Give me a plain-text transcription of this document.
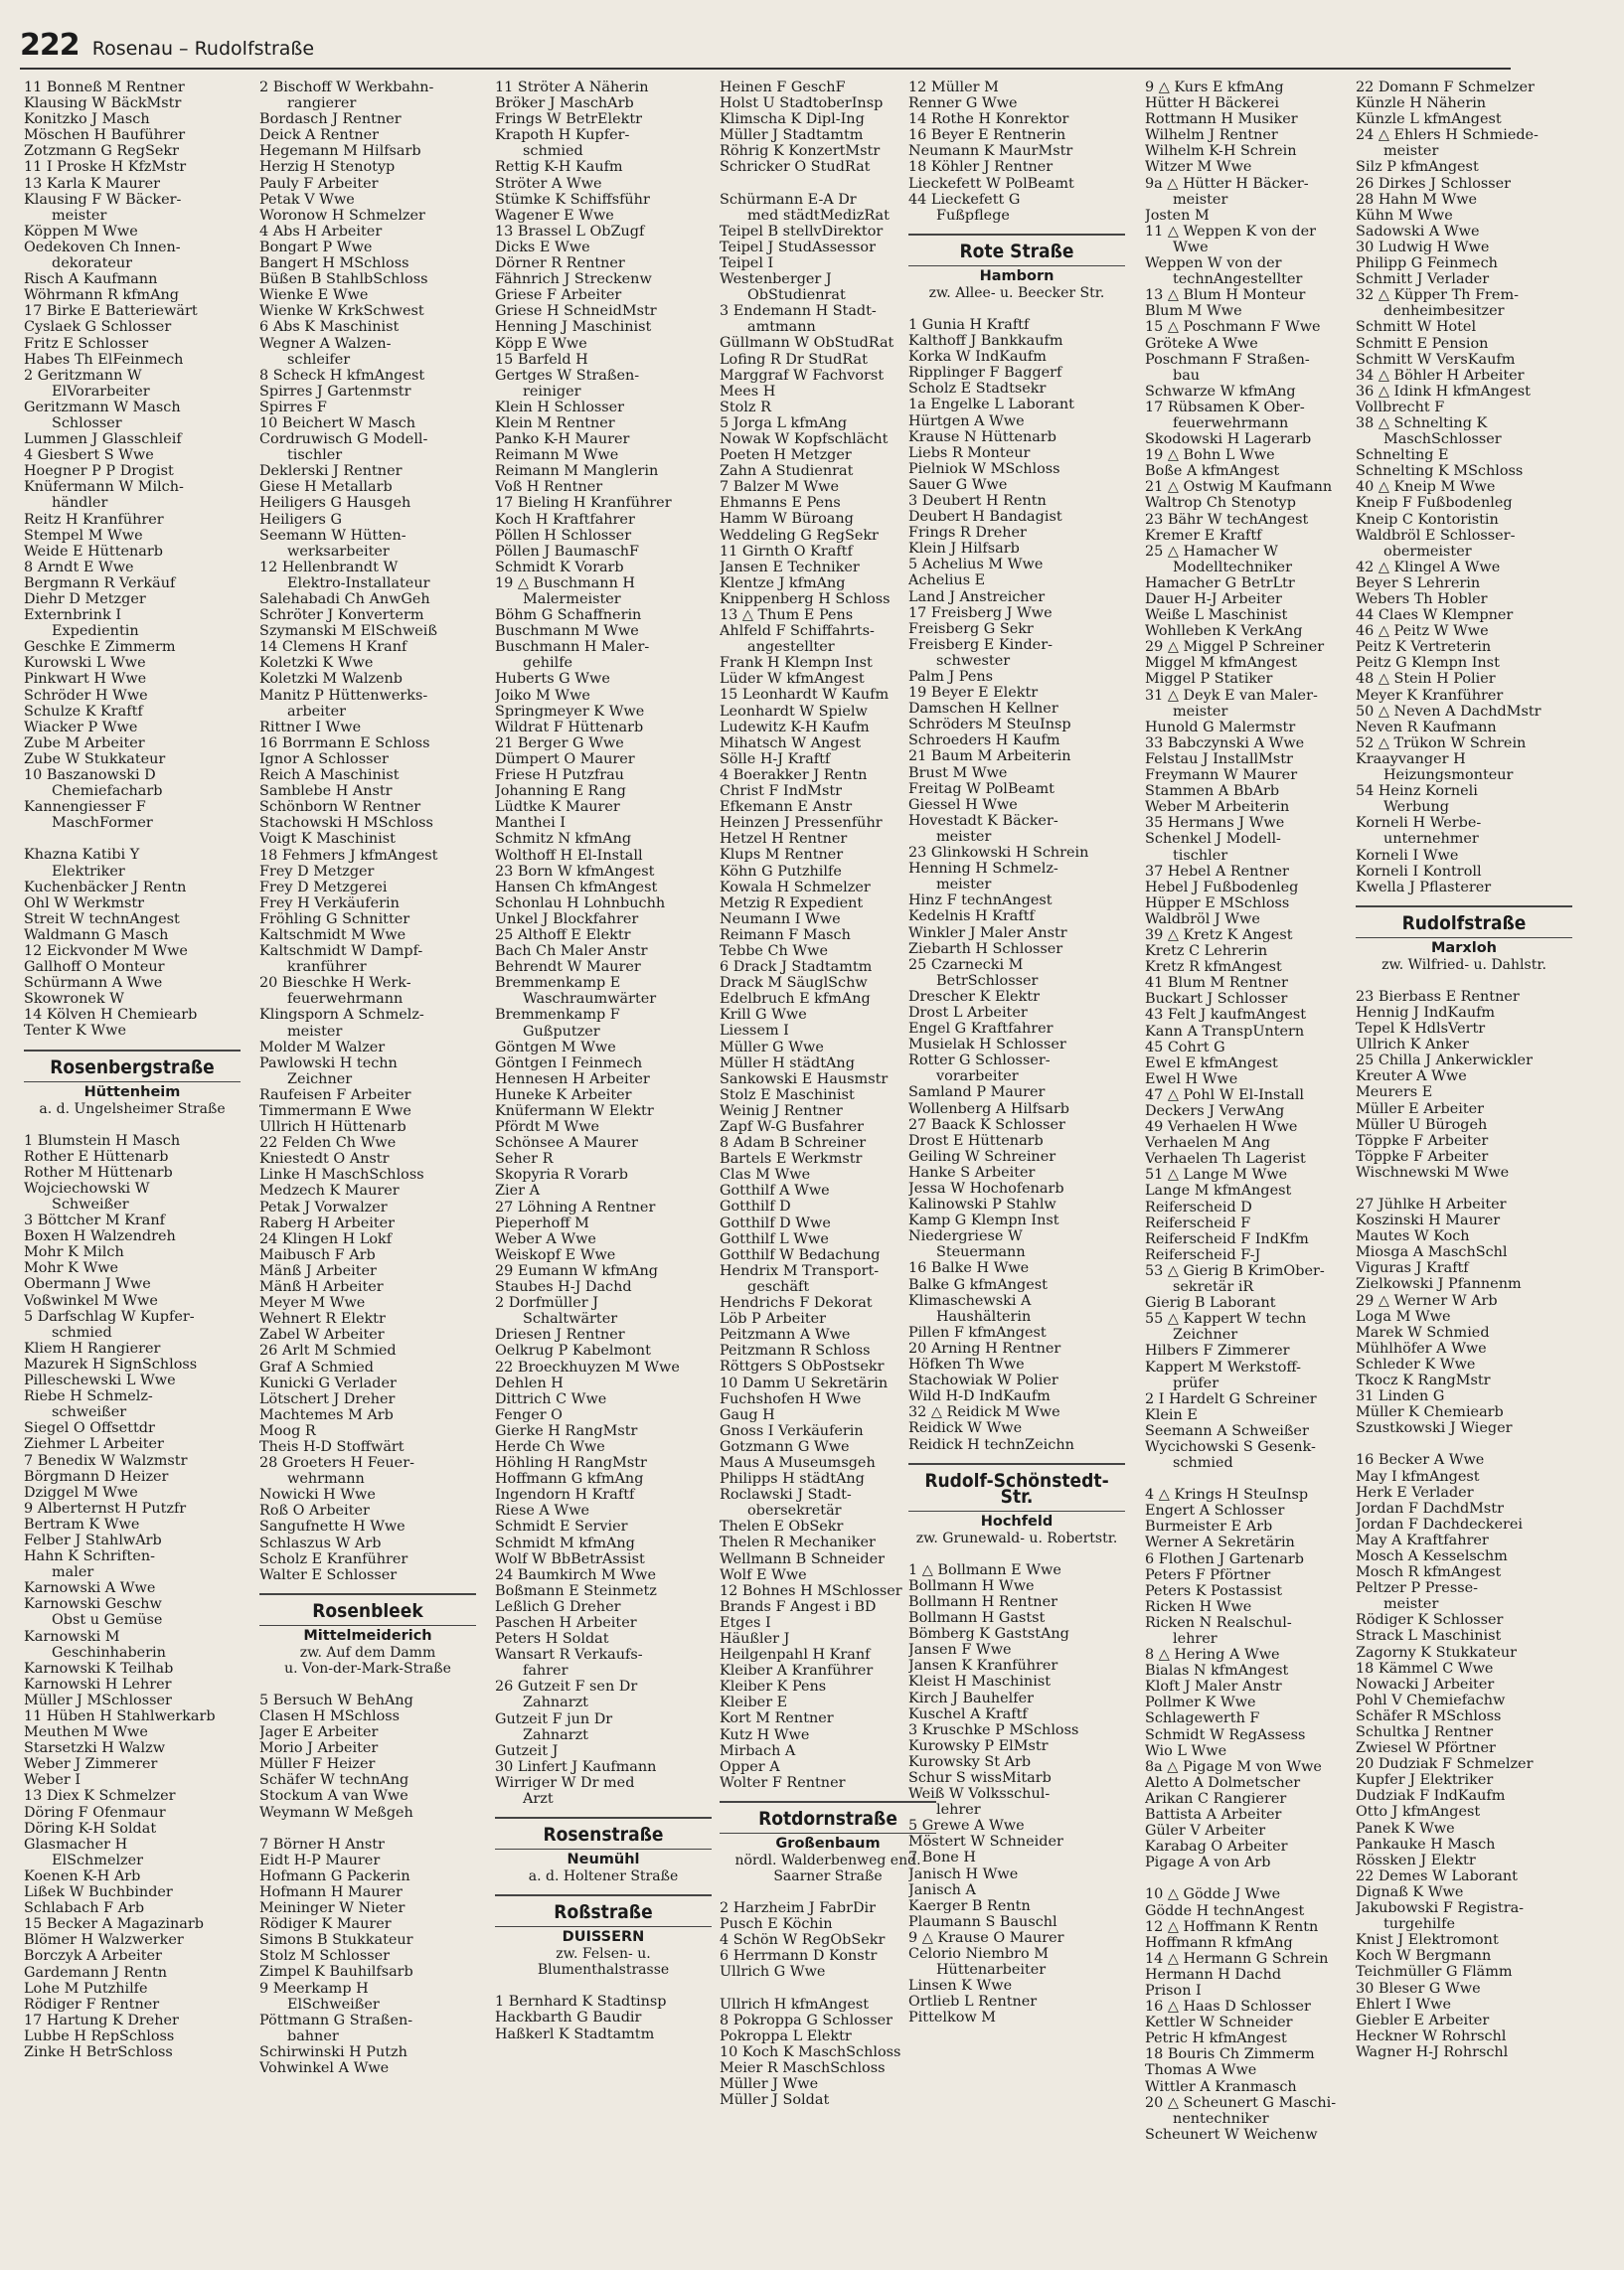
222 Rosenau – Rudolfstraße
11 Bonneß M Rentner
Klausing W BäckMstr
Konitzko J Masch
Möschen H Bauführer
Zotzmann G RegSekr
11 I Proske H KfzMstr
13 Karla K Maurer
Klausing F W Bäcker-
meister
Köppen M Wwe
Oedekoven Ch Innen-
dekorateur
Risch A Kaufmann
Wöhrmann R kfmAng
17 Birke E Batteriewärt
Cyslaek G Schlosser
Fritz E Schlosser
Habes Th ElFeinmech
2 Geritzmann W
ElVorarbeiter
Geritzmann W Masch
Schlosser
Lummen J Glasschleif
4 Giesbert S Wwe
Hoegner P P Drogist
Knüfermann W Milch-
händler
Reitz H Kranführer
Stempel M Wwe
Weide E Hüttenarb
8 Arndt E Wwe
Bergmann R Verkäuf
Diehr D Metzger
Externbrink I
Expedientin
Geschke E Zimmerm
Kurowski L Wwe
Pinkwart H Wwe
Schröder H Wwe
Schulze K Kraftf
Wiacker P Wwe
Zube M Arbeiter
Zube W Stukkateur
10 Baszanowski D
Chemiefacharb
Kannengiesser F
MaschFormer
Khazna Katibi Y
Elektriker
Kuchenbäcker J Rentn
Ohl W Werkmstr
Streit W technAngest
Waldmann G Masch
12 Eickvonder M Wwe
Gallhoff O Monteur
Schürmann A Wwe
Skowronek W
14 Kölven H Chemiearb
Tenter K Wwe
Rosenbergstraße
Hüttenheim
a. d. Ungelsheimer Straße
1 Blumstein H Masch
Rother E Hüttenarb
Rother M Hüttenarb
Wojciechowski W
Schweißer
3 Böttcher M Kranf
Boxen H Walzendreh
Mohr K Milch
Mohr K Wwe
Obermann J Wwe
Voßwinkel M Wwe
5 Darfschlag W Kupfer-
schmied
Kliem H Rangierer
Mazurek H SignSchloss
Pilleschewski L Wwe
Riebe H Schmelz-
schweißer
Siegel O Offsettdr
Ziehmer L Arbeiter
7 Benedix W Walzmstr
Börgmann D Heizer
Dziggel M Wwe
9 Alberternst H Putzfr
Bertram K Wwe
Felber J StahlwArb
Hahn K Schriften-
maler
Karnowski A Wwe
Karnowski Geschw
Obst u Gemüse
Karnowski M
Geschinhaberin
Karnowski K Teilhab
Karnowski H Lehrer
Müller J MSchlosser
11 Hüben H Stahlwerkarb
Meuthen M Wwe
Starsetzki H Walzw
Weber J Zimmerer
Weber I
13 Diex K Schmelzer
Döring F Ofenmaur
Döring K-H Soldat
Glasmacher H
ElSchmelzer
Koenen K-H Arb
Lißek W Buchbinder
Schlabach F Arb
15 Becker A Magazinarb
Blömer H Walzwerker
Borczyk A Arbeiter
Gardemann J Rentn
Lohe M Putzhilfe
Rödiger F Rentner
17 Hartung K Dreher
Lubbe H RepSchloss
Zinke H BetrSchloss
2 Bischoff W Werkbahn-
rangierer
Bordasch J Rentner
Deick A Rentner
Hegemann M Hilfsarb
Herzig H Stenotyp
Pauly F Arbeiter
Petak V Wwe
Woronow H Schmelzer
4 Abs H Arbeiter
Bongart P Wwe
Bangert H MSchloss
Büßen B StahlbSchloss
Wienke E Wwe
Wienke W KrkSchwest
6 Abs K Maschinist
Wegner A Walzen-
schleifer
8 Scheck H kfmAngest
Spirres J Gartenmstr
Spirres F
10 Beichert W Masch
Cordruwisch G Modell-
tischler
Deklerski J Rentner
Giese H Metallarb
Heiligers G Hausgeh
Heiligers G
Seemann W Hütten-
werksarbeiter
12 Hellenbrandt W
Elektro-Installateur
Salehabadi Ch AnwGeh
Schröter J Konverterm
Szymanski M ElSchweiß
14 Clemens H Kranf
Koletzki K Wwe
Koletzki M Walzenb
Manitz P Hüttenwerks-
arbeiter
Rittner I Wwe
16 Borrmann E Schloss
Ignor A Schlosser
Reich A Maschinist
Samblebe H Anstr
Schönborn W Rentner
Stachowski H MSchloss
Voigt K Maschinist
18 Fehmers J kfmAngest
Frey D Metzger
Frey D Metzgerei
Frey H Verkäuferin
Fröhling G Schnitter
Kaltschmidt M Wwe
Kaltschmidt W Dampf-
kranführer
20 Bieschke H Werk-
feuerwehrmann
Klingsporn A Schmelz-
meister
Molder M Walzer
Pawlowski H techn
Zeichner
Raufeisen F Arbeiter
Timmermann E Wwe
Ullrich H Hüttenarb
22 Felden Ch Wwe
Kniestedt O Anstr
Linke H MaschSchloss
Medzech K Maurer
Petak J Vorwalzer
Raberg H Arbeiter
24 Klingen H Lokf
Maibusch F Arb
Mänß J Arbeiter
Mänß H Arbeiter
Meyer M Wwe
Wehnert R Elektr
Zabel W Arbeiter
26 Arlt M Schmied
Graf A Schmied
Kunicki G Verlader
Lötschert J Dreher
Machtemes M Arb
Moog R
Theis H-D Stoffwärt
28 Groeters H Feuer-
wehrmann
Nowicki H Wwe
Roß O Arbeiter
Sangufnette H Wwe
Schlaszus W Arb
Scholz E Kranführer
Walter E Schlosser
Rosenbleek
Mittelmeiderich
zw. Auf dem Damm
u. Von-der-Mark-Straße
5 Bersuch W BehAng
Clasen H MSchloss
Jager E Arbeiter
Morio J Arbeiter
Müller F Heizer
Schäfer W technAng
Stockum A van Wwe
Weymann W Meßgeh
7 Börner H Anstr
Eidt H-P Maurer
Hofmann G Packerin
Hofmann H Maurer
Meininger W Nieter
Rödiger K Maurer
Simons B Stukkateur
Stolz M Schlosser
Zimpel K Bauhilfsarb
9 Meerkamp H
ElSchweißer
Pöttmann G Straßen-
bahner
Schirwinski H Putzh
Vohwinkel A Wwe
11 Ströter A Näherin
Bröker J MaschArb
Frings W BetrElektr
Krapoth H Kupfer-
schmied
Rettig K-H Kaufm
Ströter A Wwe
Stümke K Schiffsführ
Wagener E Wwe
13 Brassel L ObZugf
Dicks E Wwe
Dörner R Rentner
Fähnrich J Streckenw
Griese F Arbeiter
Griese H SchneidMstr
Henning J Maschinist
Köpp E Wwe
15 Barfeld H
Gertges W Straßen-
reiniger
Klein H Schlosser
Klein M Rentner
Panko K-H Maurer
Reimann M Wwe
Reimann M Manglerin
Voß H Rentner
17 Bieling H Kranführer
Koch H Kraftfahrer
Pöllen H Schlosser
Pöllen J BaumaschF
Schmidt K Vorarb
19 △ Buschmann H
Malermeister
Böhm G Schaffnerin
Buschmann M Wwe
Buschmann H Maler-
gehilfe
Huberts G Wwe
Joiko M Wwe
Springmeyer K Wwe
Wildrat F Hüttenarb
21 Berger G Wwe
Dümpert O Maurer
Friese H Putzfrau
Johanning E Rang
Lüdtke K Maurer
Manthei I
Schmitz N kfmAng
Wolthoff H El-Install
23 Born W kfmAngest
Hansen Ch kfmAngest
Schonlau H Lohnbuchh
Unkel J Blockfahrer
25 Althoff E Elektr
Bach Ch Maler Anstr
Behrendt W Maurer
Bremmenkamp E
Waschraumwärter
Bremmenkamp F
Gußputzer
Göntgen M Wwe
Göntgen I Feinmech
Hennesen H Arbeiter
Huneke K Arbeiter
Knüfermann W Elektr
Pfördt M Wwe
Schönsee A Maurer
Seher R
Skopyria R Vorarb
Zier A
27 Löhning A Rentner
Pieperhoff M
Weber A Wwe
Weiskopf E Wwe
29 Eumann W kfmAng
Staubes H-J Dachd
2 Dorfmüller J
Schaltwärter
Driesen J Rentner
Oelkrug P Kabelmont
22 Broeckhuyzen M Wwe
Dehlen H
Dittrich C Wwe
Fenger O
Gierke H RangMstr
Herde Ch Wwe
Höhling H RangMstr
Hoffmann G kfmAng
Ingendorn H Kraftf
Riese A Wwe
Schmidt E Servier
Schmidt M kfmAng
Wolf W BbBetrAssist
24 Baumkirch M Wwe
Boßmann E Steinmetz
Leßlich G Dreher
Paschen H Arbeiter
Peters H Soldat
Wansart R Verkaufs-
fahrer
26 Gutzeit F sen Dr
Zahnarzt
Gutzeit F jun Dr
Zahnarzt
Gutzeit J
30 Linfert J Kaufmann
Wirriger W Dr med
Arzt
Rosenstraße
Neumühl
a. d. Holtener Straße
Roßstraße
DUISSERN
zw. Felsen- u.
Blumenthalstrasse
1 Bernhard K Stadtinsp
Hackbarth G Baudir
Haßkerl K Stadtamtm
Heinen F GeschF
Holst U StadtoberInsp
Klimscha K Dipl-Ing
Müller J Stadtamtm
Röhrig K KonzertMstr
Schricker O StudRat
Schürmann E-A Dr
med städtMedizRat
Teipel B stellvDirektor
Teipel J StudAssessor
Teipel I
Westenberger J
ObStudienrat
3 Endemann H Stadt-
amtmann
Güllmann W ObStudRat
Lofing R Dr StudRat
Marggraf W Fachvorst
Mees H
Stolz R
5 Jorga L kfmAng
Nowak W Kopfschlächt
Poeten H Metzger
Zahn A Studienrat
7 Balzer M Wwe
Ehmanns E Pens
Hamm W Büroang
Weddeling G RegSekr
11 Girnth O Kraftf
Jansen E Techniker
Klentze J kfmAng
Knippenberg H Schloss
13 △ Thum E Pens
Ahlfeld F Schiffahrts-
angestellter
Frank H Klempn Inst
Lüder W kfmAngest
15 Leonhardt W Kaufm
Leonhardt W Spielw
Ludewitz K-H Kaufm
Mihatsch W Angest
Sölle H-J Kraftf
4 Boerakker J Rentn
Christ F IndMstr
Efkemann E Anstr
Heinzen J Pressenführ
Hetzel H Rentner
Klups M Rentner
Köhn G Putzhilfe
Kowala H Schmelzer
Metzig R Expedient
Neumann I Wwe
Reimann F Masch
Tebbe Ch Wwe
6 Drack J Stadtamtm
Drack M SäuglSchw
Edelbruch E kfmAng
Krill G Wwe
Liessem I
Müller G Wwe
Müller H städtAng
Sankowski E Hausmstr
Stolz E Maschinist
Weinig J Rentner
Zapf W-G Busfahrer
8 Adam B Schreiner
Bartels E Werkmstr
Clas M Wwe
Gotthilf A Wwe
Gotthilf D
Gotthilf D Wwe
Gotthilf L Wwe
Gotthilf W Bedachung
Hendrix M Transport-
geschäft
Hendrichs F Dekorat
Löb P Arbeiter
Peitzmann A Wwe
Peitzmann R Schloss
Röttgers S ObPostsekr
10 Damm U Sekretärin
Fuchshofen H Wwe
Gaug H
Gnoss I Verkäuferin
Gotzmann G Wwe
Maus A Museumsgeh
Philipps H städtAng
Roclawski J Stadt-
obersekretär
Thelen E ObSekr
Thelen R Mechaniker
Wellmann B Schneider
Wolf E Wwe
12 Bohnes H MSchlosser
Brands F Angest i BD
Etges I
Häußler J
Heilgenpahl H Kranf
Kleiber A Kranführer
Kleiber K Pens
Kleiber E
Kort M Rentner
Kutz H Wwe
Mirbach A
Opper A
Wolter F Rentner
Rotdornstraße
Großenbaum
nördl. Walderbenweg end.
Saarner Straße
2 Harzheim J FabrDir
Pusch E Köchin
4 Schön W RegObSekr
6 Herrmann D Konstr
Ullrich G Wwe
Ullrich H kfmAngest
8 Pokroppa G Schlosser
Pokroppa L Elektr
10 Koch K MaschSchloss
Meier R MaschSchloss
Müller J Wwe
Müller J Soldat
12 Müller M
Renner G Wwe
14 Rothe H Konrektor
16 Beyer E Rentnerin
Neumann K MaurMstr
18 Köhler J Rentner
Lieckefett W PolBeamt
44 Lieckefett G
Fußpflege
Rote Straße
Hamborn
zw. Allee- u. Beecker Str.
1 Gunia H Kraftf
Kalthoff J Bankkaufm
Korka W IndKaufm
Ripplinger F Baggerf
Scholz E Stadtsekr
1a Engelke L Laborant
Hürtgen A Wwe
Krause N Hüttenarb
Liebs R Monteur
Pielniok W MSchloss
Sauer G Wwe
3 Deubert H Rentn
Deubert H Bandagist
Frings R Dreher
Klein J Hilfsarb
5 Achelius M Wwe
Achelius E
Land J Anstreicher
17 Freisberg J Wwe
Freisberg G Sekr
Freisberg E Kinder-
schwester
Palm J Pens
19 Beyer E Elektr
Damschen H Kellner
Schröders M SteuInsp
Schroeders H Kaufm
21 Baum M Arbeiterin
Brust M Wwe
Freitag W PolBeamt
Giessel H Wwe
Hovestadt K Bäcker-
meister
23 Glinkowski H Schrein
Henning H Schmelz-
meister
Hinz F technAngest
Kedelnis H Kraftf
Winkler J Maler Anstr
Ziebarth H Schlosser
25 Czarnecki M
BetrSchlosser
Drescher K Elektr
Drost L Arbeiter
Engel G Kraftfahrer
Musielak H Schlosser
Rotter G Schlosser-
vorarbeiter
Samland P Maurer
Wollenberg A Hilfsarb
27 Baack K Schlosser
Drost E Hüttenarb
Geiling W Schreiner
Hanke S Arbeiter
Jessa W Hochofenarb
Kalinowski P Stahlw
Kamp G Klempn Inst
Niedergriese W
Steuermann
16 Balke H Wwe
Balke G kfmAngest
Klimaschewski A
Haushälterin
Pillen F kfmAngest
20 Arning H Rentner
Höfken Th Wwe
Stachowiak W Polier
Wild H-D IndKaufm
32 △ Reidick M Wwe
Reidick W Wwe
Reidick H technZeichn
Rudolf-Schönstedt-Str.
Hochfeld
zw. Grunewald- u. Robertstr.
1 △ Bollmann E Wwe
Bollmann H Wwe
Bollmann H Rentner
Bollmann H Gastst
Bömberg K GaststAng
Jansen F Wwe
Jansen K Kranführer
Kleist H Maschinist
Kirch J Bauhelfer
Kuschel A Kraftf
3 Kruschke P MSchloss
Kurowsky P ElMstr
Kurowsky St Arb
Schur S wissMitarb
Weiß W Volksschul-
lehrer
5 Grewe A Wwe
Möstert W Schneider
7 Bone H
Janisch H Wwe
Janisch A
Kaerger B Rentn
Plaumann S Bauschl
9 △ Krause O Maurer
Celorio Niembro M
Hüttenarbeiter
Linsen K Wwe
Ortlieb L Rentner
Pittelkow M
9 △ Kurs E kfmAng
Hütter H Bäckerei
Rottmann H Musiker
Wilhelm J Rentner
Wilhelm K-H Schrein
Witzer M Wwe
9a △ Hütter H Bäcker-
meister
Josten M
11 △ Weppen K von der
Wwe
Weppen W von der
technAngestellter
13 △ Blum H Monteur
Blum M Wwe
15 △ Poschmann F Wwe
Gröteke A Wwe
Poschmann F Straßen-
bau
Schwarze W kfmAng
17 Rübsamen K Ober-
feuerwehrmann
Skodowski H Lagerarb
19 △ Bohn L Wwe
Boße A kfmAngest
21 △ Ostwig M Kaufmann
Waltrop Ch Stenotyp
23 Bähr W techAngest
Kremer E Kraftf
25 △ Hamacher W
Modelltechniker
Hamacher G BetrLtr
Dauer H-J Arbeiter
Weiße L Maschinist
Wohlleben K VerkAng
29 △ Miggel P Schreiner
Miggel M kfmAngest
Miggel P Statiker
31 △ Deyk E van Maler-
meister
Hunold G Malermstr
33 Babczynski A Wwe
Felstau J InstallMstr
Freymann W Maurer
Stammen A BbArb
Weber M Arbeiterin
35 Hermans J Wwe
Schenkel J Modell-
tischler
37 Hebel A Rentner
Hebel J Fußbodenleg
Hüpper E MSchloss
Waldbröl J Wwe
39 △ Kretz K Angest
Kretz C Lehrerin
Kretz R kfmAngest
41 Blum M Rentner
Buckart J Schlosser
43 Felt J kaufmAngest
Kann A TranspUntern
45 Cohrt G
Ewel E kfmAngest
Ewel H Wwe
47 △ Pohl W El-Install
Deckers J VerwAng
49 Verhaelen H Wwe
Verhaelen M Ang
Verhaelen Th Lagerist
51 △ Lange M Wwe
Lange M kfmAngest
Reiferscheid D
Reiferscheid F
Reiferscheid F IndKfm
Reiferscheid F-J
53 △ Gierig B KrimOber-
sekretär iR
Gierig B Laborant
55 △ Kappert W techn
Zeichner
Hilbers F Zimmerer
Kappert M Werkstoff-
prüfer
2 I Hardelt G Schreiner
Klein E
Seemann A Schweißer
Wycichowski S Gesenk-
schmied
4 △ Krings H SteuInsp
Engert A Schlosser
Burmeister E Arb
Werner A Sekretärin
6 Flothen J Gartenarb
Peters F Pförtner
Peters K Postassist
Ricken H Wwe
Ricken N Realschul-
lehrer
8 △ Hering A Wwe
Bialas N kfmAngest
Kloft J Maler Anstr
Pollmer K Wwe
Schlagewerth F
Schmidt W RegAssess
Wio L Wwe
8a △ Pigage M von Wwe
Aletto A Dolmetscher
Arikan C Rangierer
Battista A Arbeiter
Güler V Arbeiter
Karabag O Arbeiter
Pigage A von Arb
10 △ Gödde J Wwe
Gödde H technAngest
12 △ Hoffmann K Rentn
Hoffmann R kfmAng
14 △ Hermann G Schrein
Hermann H Dachd
Prison I
16 △ Haas D Schlosser
Kettler W Schneider
Petric H kfmAngest
18 Bouris Ch Zimmerm
Thomas A Wwe
Wittler A Kranmasch
20 △ Scheunert G Maschi-
nentechniker
Scheunert W Weichenw
22 Domann F Schmelzer
Künzle H Näherin
Künzle L kfmAngest
24 △ Ehlers H Schmiede-
meister
Silz P kfmAngest
26 Dirkes J Schlosser
28 Hahn M Wwe
Kühn M Wwe
Sadowski A Wwe
30 Ludwig H Wwe
Philipp G Feinmech
Schmitt J Verlader
32 △ Küpper Th Frem-
denheimbesitzer
Schmitt W Hotel
Schmitt E Pension
Schmitt W VersKaufm
34 △ Böhler H Arbeiter
36 △ Idink H kfmAngest
Vollbrecht F
38 △ Schnelting K
MaschSchlosser
Schnelting E
Schnelting K MSchloss
40 △ Kneip M Wwe
Kneip F Fußbodenleg
Kneip C Kontoristin
Waldbröl E Schlosser-
obermeister
42 △ Klingel A Wwe
Beyer S Lehrerin
Webers Th Hobler
44 Claes W Klempner
46 △ Peitz W Wwe
Peitz K Vertreterin
Peitz G Klempn Inst
48 △ Stein H Polier
Meyer K Kranführer
50 △ Neven A DachdMstr
Neven R Kaufmann
52 △ Trükon W Schrein
Kraayvanger H
Heizungsmonteur
54 Heinz Korneli
Werbung
Korneli H Werbe-
unternehmer
Korneli I Wwe
Korneli I Kontroll
Kwella J Pflasterer
Rudolfstraße
Marxloh
zw. Wilfried- u. Dahlstr.
23 Bierbass E Rentner
Hennig J IndKaufm
Tepel K HdlsVertr
Ullrich K Anker
25 Chilla J Ankerwickler
Kreuter A Wwe
Meurers E
Müller E Arbeiter
Müller U Bürogeh
Töppke F Arbeiter
Töppke F Arbeiter
Wischnewski M Wwe
27 Jühlke H Arbeiter
Koszinski H Maurer
Mautes W Koch
Miosga A MaschSchl
Viguras J Kraftf
Zielkowski J Pfannenm
29 △ Werner W Arb
Loga M Wwe
Marek W Schmied
Mühlhöfer A Wwe
Schleder K Wwe
Tkocz K RangMstr
31 Linden G
Müller K Chemiearb
Szustkowski J Wieger
16 Becker A Wwe
May I kfmAngest
Herk E Verlader
Jordan F DachdMstr
Jordan F Dachdeckerei
May A Kraftfahrer
Mosch A Kesselschm
Mosch R kfmAngest
Peltzer P Presse-
meister
Rödiger K Schlosser
Strack L Maschinist
Zagorny K Stukkateur
18 Kämmel C Wwe
Nowacki J Arbeiter
Pohl V Chemiefachw
Schäfer R MSchloss
Schultka J Rentner
Zwiesel W Pförtner
20 Dudziak F Schmelzer
Kupfer J Elektriker
Dudziak F IndKaufm
Otto J kfmAngest
Panek K Wwe
Pankauke H Masch
Rössken J Elektr
22 Demes W Laborant
Dignaß K Wwe
Jakubowski F Registra-
turgehilfe
Knist J Elektromont
Koch W Bergmann
Teichmüller G Flämm
30 Bleser G Wwe
Ehlert I Wwe
Giebler E Arbeiter
Heckner W Rohrschl
Wagner H-J Rohrschl
